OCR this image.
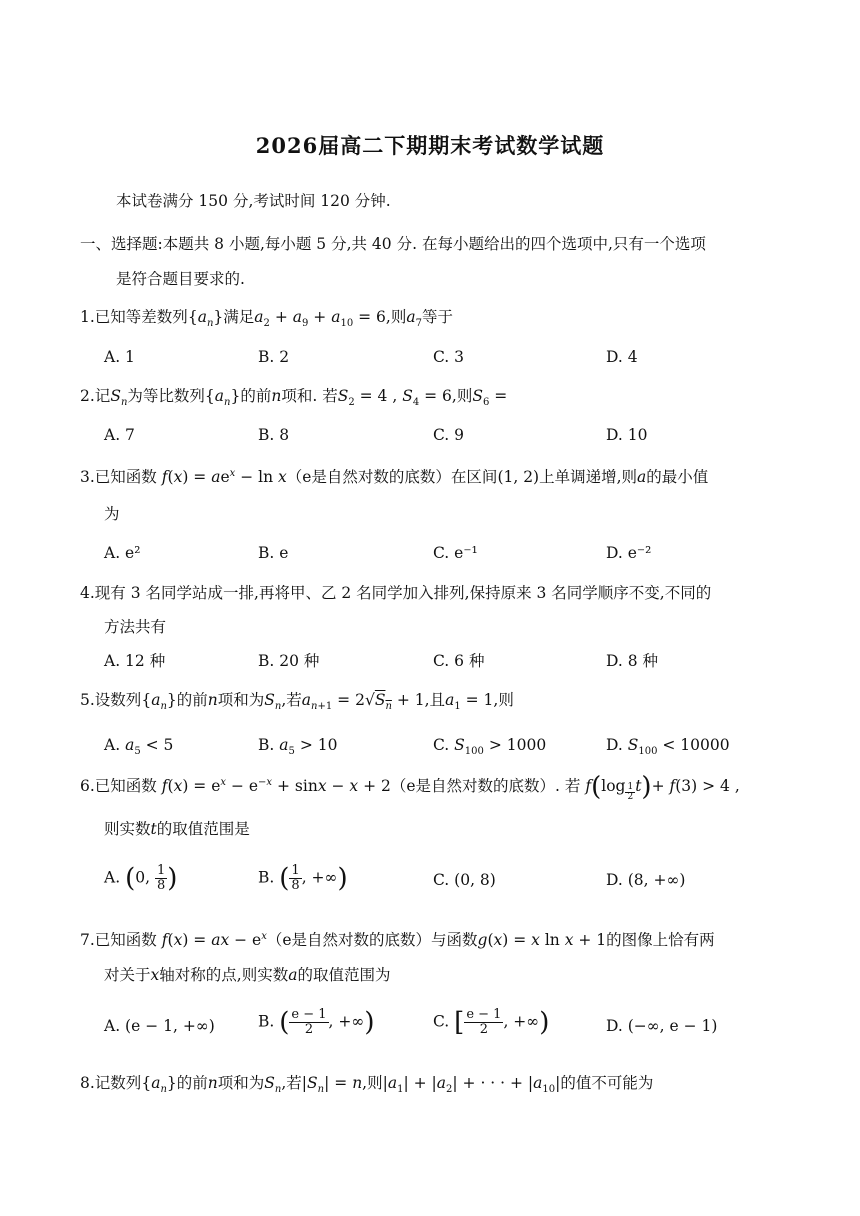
2026届高二下期期末考试数学试题
本试卷满分 150 分,考试时间 120 分钟.
一、选择题:本题共 8 小题,每小题 5 分,共 40 分. 在每小题给出的四个选项中,只有一个选项
是符合题目要求的.
1.已知等差数列$\{a_n\}$满足$a_2 + a_9 + a_{10} = 6$,则$a_7$等于
A. 1	B. 2	C. 3	D. 4
2.记$S_n$为等比数列$\{a_n\}$的前n项和. 若$S_2 = 4$ , $S_4 = 6$,则$S_6$ =
A. 7	B. 8	C. 9	D. 10
3.已知函数 $f(x) = ae^x - \ln x(e$是自然对数的底数）在区间(1, 2)上单调递增,则a的最小值
为
A. e²	B. e	C. e⁻¹	D. e⁻²
4.现有 3 名同学站成一排,再将甲、乙 2 名同学加入排列,保持原来 3 名同学顺序不变,不同的
方法共有
A. 12 种	B. 20 种	C. 6 种	D. 8 种
5.设数列$\{a_n\}$的前n项和为$S_n$,若$a_{n+1} = 2√S_n + 1$,且$a_1 = 1$,则
A. $a_5 < 5$	B. $a_5 > 10$	C. $S_{100} > 1000$	D. $S_{100} < 10000$
6.已知函数 $f(x) = e^x - e^{-x} + \sin x - x + 2(e$是自然对数的底数）. 若 f(log $_{\frac{1}{2}}$ t)+ f(3) > 4 ,
则实数t的取值范围是
A. (0, $\frac{1}{8}$ )	B. ( $\frac{1}{8}$ , +∞)	C. (0, 8)	D. (8, +∞)
7.已知函数 f(x) = ax − $e^x(e$是自然对数的底数）与函数g(x) = x ln x + 1的图像上恰有两
对关于x轴对称的点,则实数a的取值范围为
A. (e − 1, +∞)	B. ( $\frac{e - 1}{2}$ , +∞)	C. [ $\frac{e - 1}{2}$ , +∞)	D. (−∞, e − 1)
8.记数列$\{a_n\}$的前n项和为$S_n$,若$|S_n| = n$,则$|a_1| + |a_2|$ + · · · + $|a_{10}|$的值不可能为
